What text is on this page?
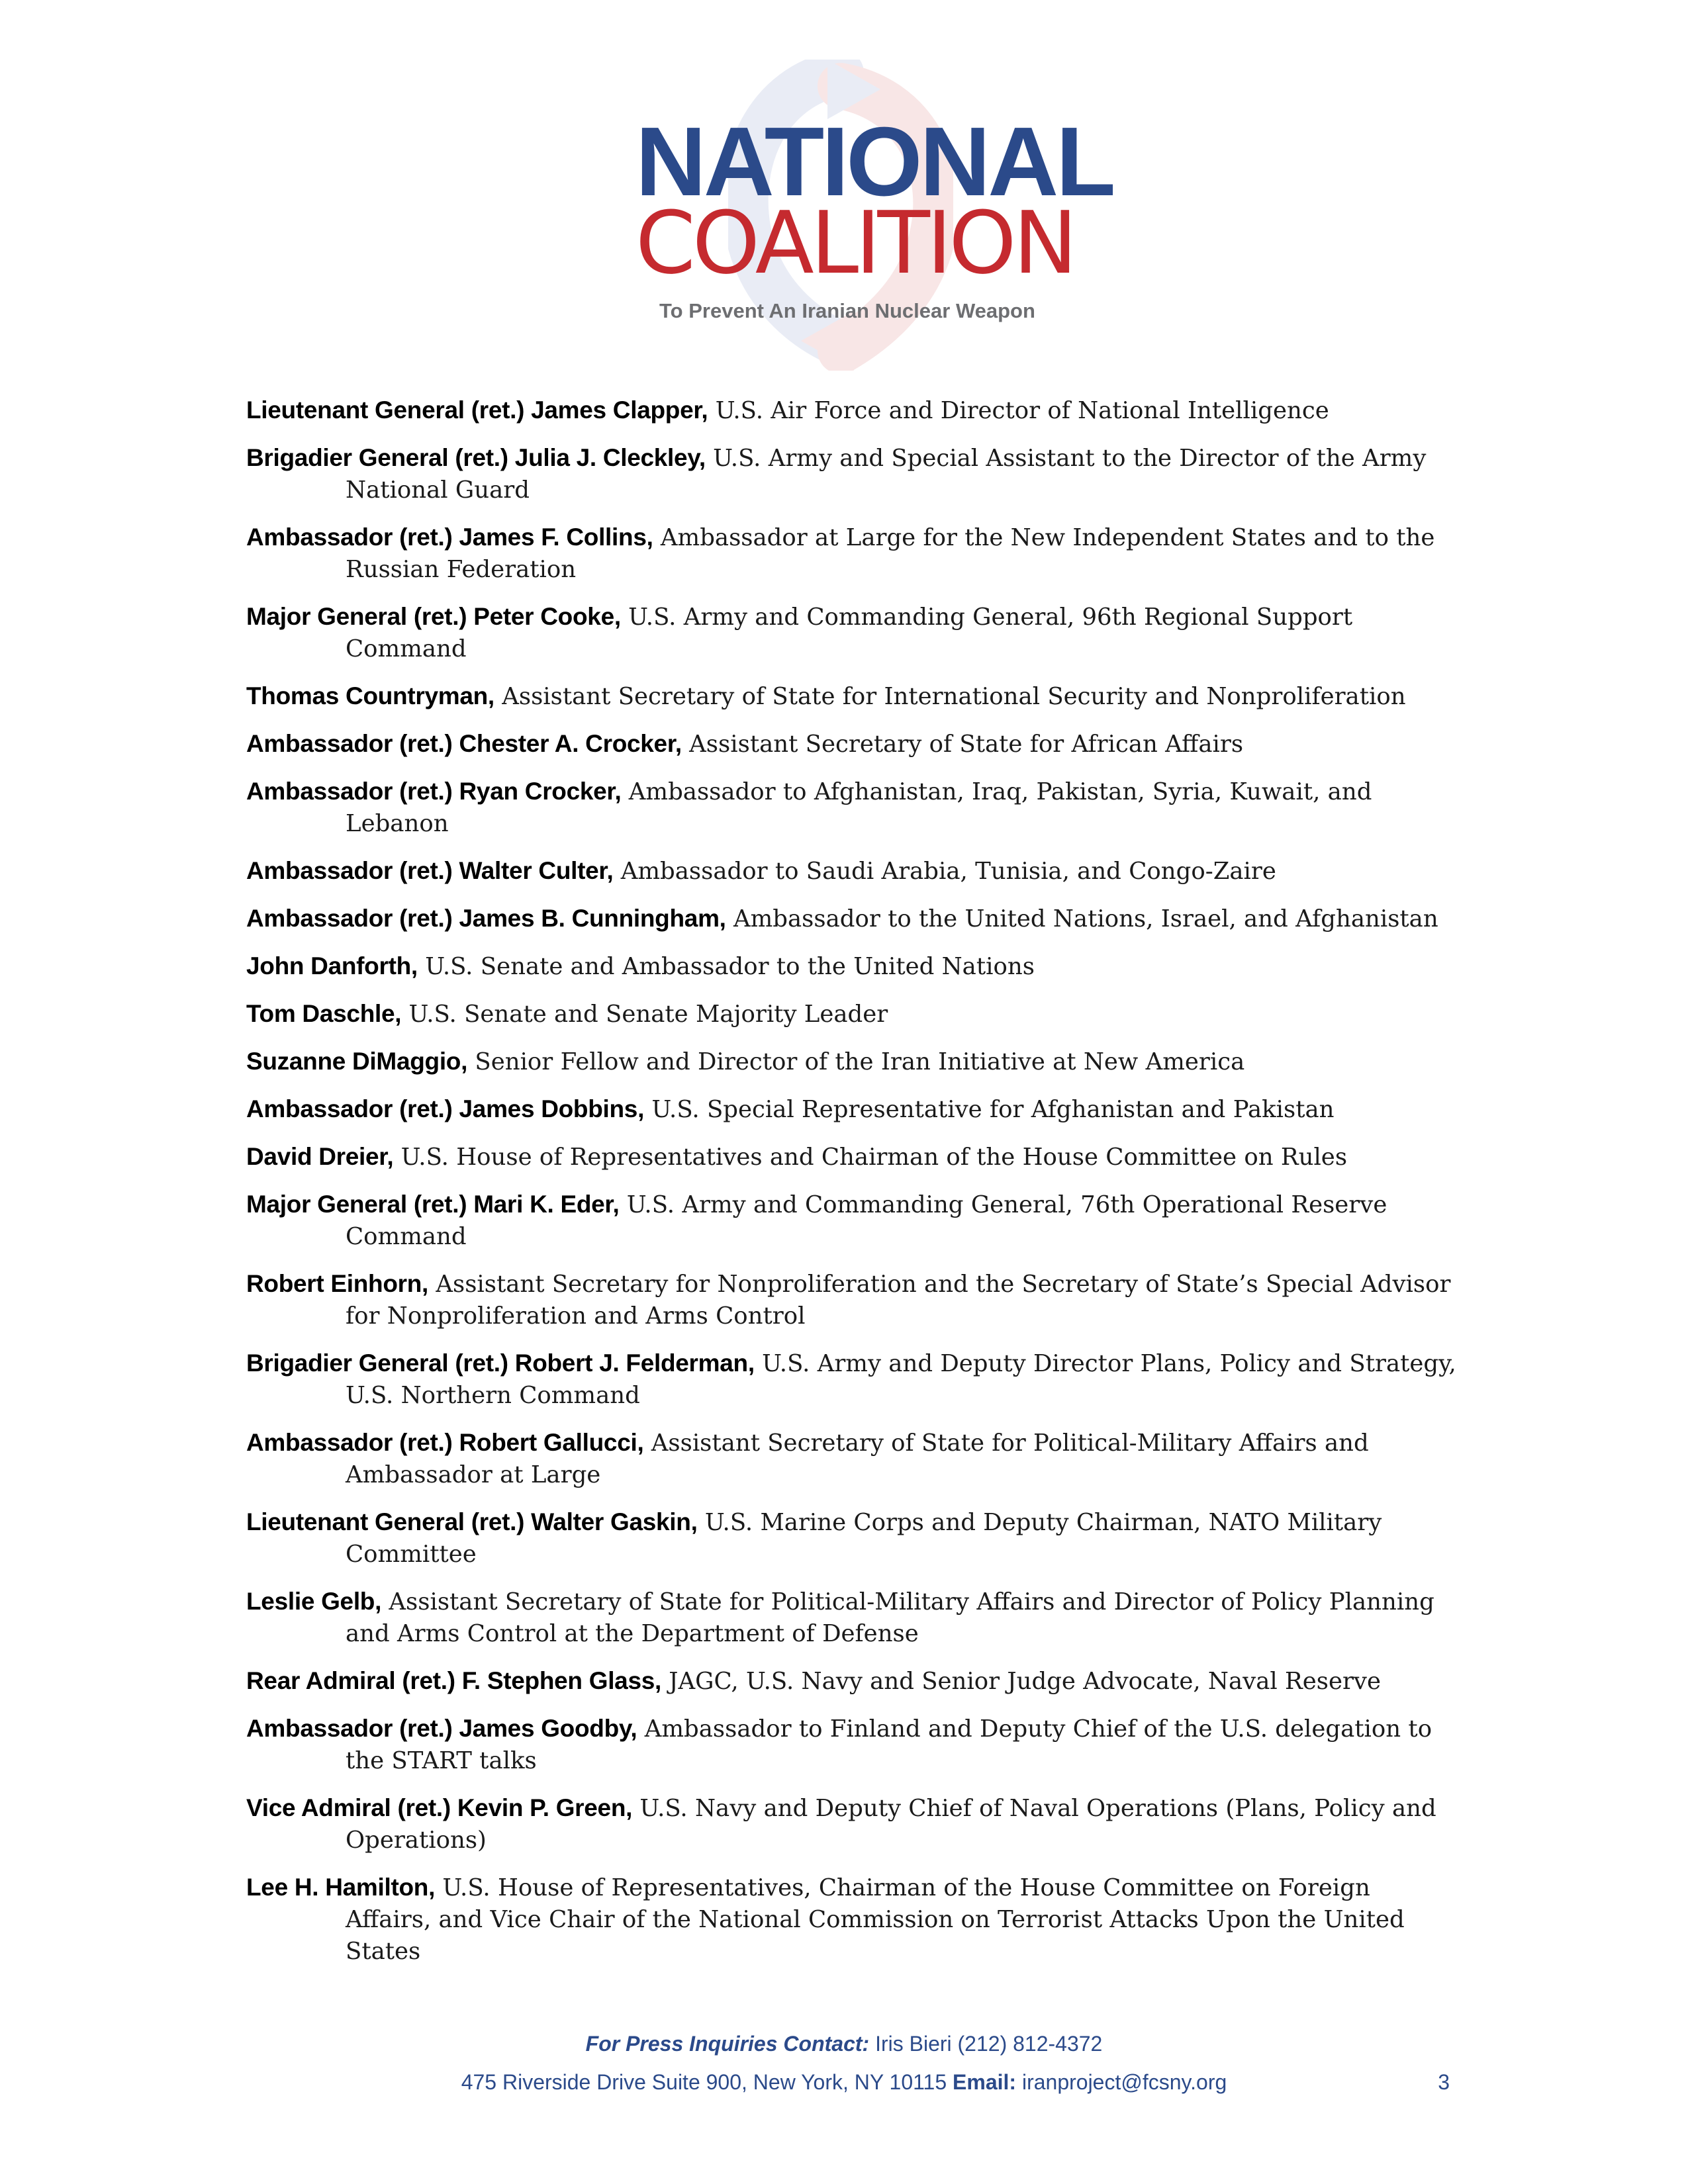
NATIONAL
COALITION
To Prevent An Iranian Nuclear Weapon

Lieutenant General (ret.) James Clapper, U.S. Air Force and Director of National Intelligence

Brigadier General (ret.) Julia J. Cleckley, U.S. Army and Special Assistant to the Director of the Army National Guard

Ambassador (ret.) James F. Collins, Ambassador at Large for the New Independent States and to the Russian Federation

Major General (ret.) Peter Cooke, U.S. Army and Commanding General, 96th Regional Support Command

Thomas Countryman, Assistant Secretary of State for International Security and Nonproliferation

Ambassador (ret.) Chester A. Crocker, Assistant Secretary of State for African Affairs

Ambassador (ret.) Ryan Crocker, Ambassador to Afghanistan, Iraq, Pakistan, Syria, Kuwait, and Lebanon

Ambassador (ret.) Walter Culter, Ambassador to Saudi Arabia, Tunisia, and Congo-Zaire

Ambassador (ret.) James B. Cunningham, Ambassador to the United Nations, Israel, and Afghanistan

John Danforth, U.S. Senate and Ambassador to the United Nations

Tom Daschle, U.S. Senate and Senate Majority Leader

Suzanne DiMaggio, Senior Fellow and Director of the Iran Initiative at New America

Ambassador (ret.) James Dobbins, U.S. Special Representative for Afghanistan and Pakistan

David Dreier, U.S. House of Representatives and Chairman of the House Committee on Rules

Major General (ret.) Mari K. Eder, U.S. Army and Commanding General, 76th Operational Reserve Command

Robert Einhorn, Assistant Secretary for Nonproliferation and the Secretary of State’s Special Advisor for Nonproliferation and Arms Control

Brigadier General (ret.) Robert J. Felderman, U.S. Army and Deputy Director Plans, Policy and Strategy, U.S. Northern Command

Ambassador (ret.) Robert Gallucci, Assistant Secretary of State for Political-Military Affairs and Ambassador at Large

Lieutenant General (ret.) Walter Gaskin, U.S. Marine Corps and Deputy Chairman, NATO Military Committee

Leslie Gelb, Assistant Secretary of State for Political-Military Affairs and Director of Policy Planning and Arms Control at the Department of Defense

Rear Admiral (ret.) F. Stephen Glass, JAGC, U.S. Navy and Senior Judge Advocate, Naval Reserve

Ambassador (ret.) James Goodby, Ambassador to Finland and Deputy Chief of the U.S. delegation to the START talks

Vice Admiral (ret.) Kevin P. Green, U.S. Navy and Deputy Chief of Naval Operations (Plans, Policy and Operations)

Lee H. Hamilton, U.S. House of Representatives, Chairman of the House Committee on Foreign Affairs, and Vice Chair of the National Commission on Terrorist Attacks Upon the United States

For Press Inquiries Contact: Iris Bieri (212) 812-4372
475 Riverside Drive Suite 900, New York, NY 10115 Email: iranproject@fcsny.org	3
